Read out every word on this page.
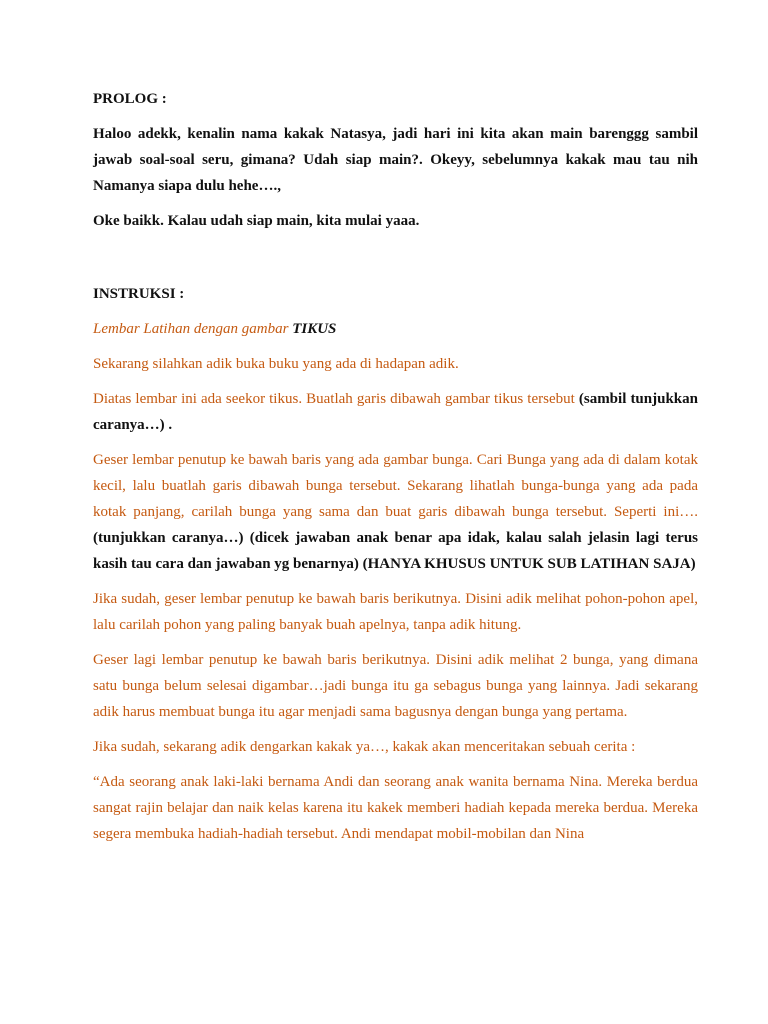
PROLOG :

Haloo adekk, kenalin nama kakak Natasya, jadi hari ini kita akan main barenggg sambil jawab soal-soal seru, gimana? Udah siap main?. Okeyy, sebelumnya kakak mau tau nih Namanya siapa dulu hehe….,

Oke baikk. Kalau udah siap main, kita mulai yaaa.

INSTRUKSI :

Lembar Latihan dengan gambar TIKUS

Sekarang silahkan adik buka buku yang ada di hadapan adik.

Diatas lembar ini ada seekor tikus. Buatlah garis dibawah gambar tikus tersebut (sambil tunjukkan caranya…) .

Geser lembar penutup ke bawah baris yang ada gambar bunga. Cari Bunga yang ada di dalam kotak kecil, lalu buatlah garis dibawah bunga tersebut. Sekarang lihatlah bunga-bunga yang ada pada kotak panjang, carilah bunga yang sama dan buat garis dibawah bunga tersebut. Seperti ini…. (tunjukkan caranya…) (dicek jawaban anak benar apa idak, kalau salah jelasin lagi terus kasih tau cara dan jawaban yg benarnya) (HANYA KHUSUS UNTUK SUB LATIHAN SAJA)

Jika sudah, geser lembar penutup ke bawah baris berikutnya. Disini adik melihat pohon-pohon apel, lalu carilah pohon yang paling banyak buah apelnya, tanpa adik hitung.

Geser lagi lembar penutup ke bawah baris berikutnya. Disini adik melihat 2 bunga, yang dimana satu bunga belum selesai digambar…jadi bunga itu ga sebagus bunga yang lainnya. Jadi sekarang adik harus membuat bunga itu agar menjadi sama bagusnya dengan bunga yang pertama.

Jika sudah, sekarang adik dengarkan kakak ya…, kakak akan menceritakan sebuah cerita :

“Ada seorang anak laki-laki bernama Andi dan seorang anak wanita bernama Nina. Mereka berdua sangat rajin belajar dan naik kelas karena itu kakek memberi hadiah kepada mereka berdua. Mereka segera membuka hadiah-hadiah tersebut. Andi mendapat mobil-mobilan dan Nina
